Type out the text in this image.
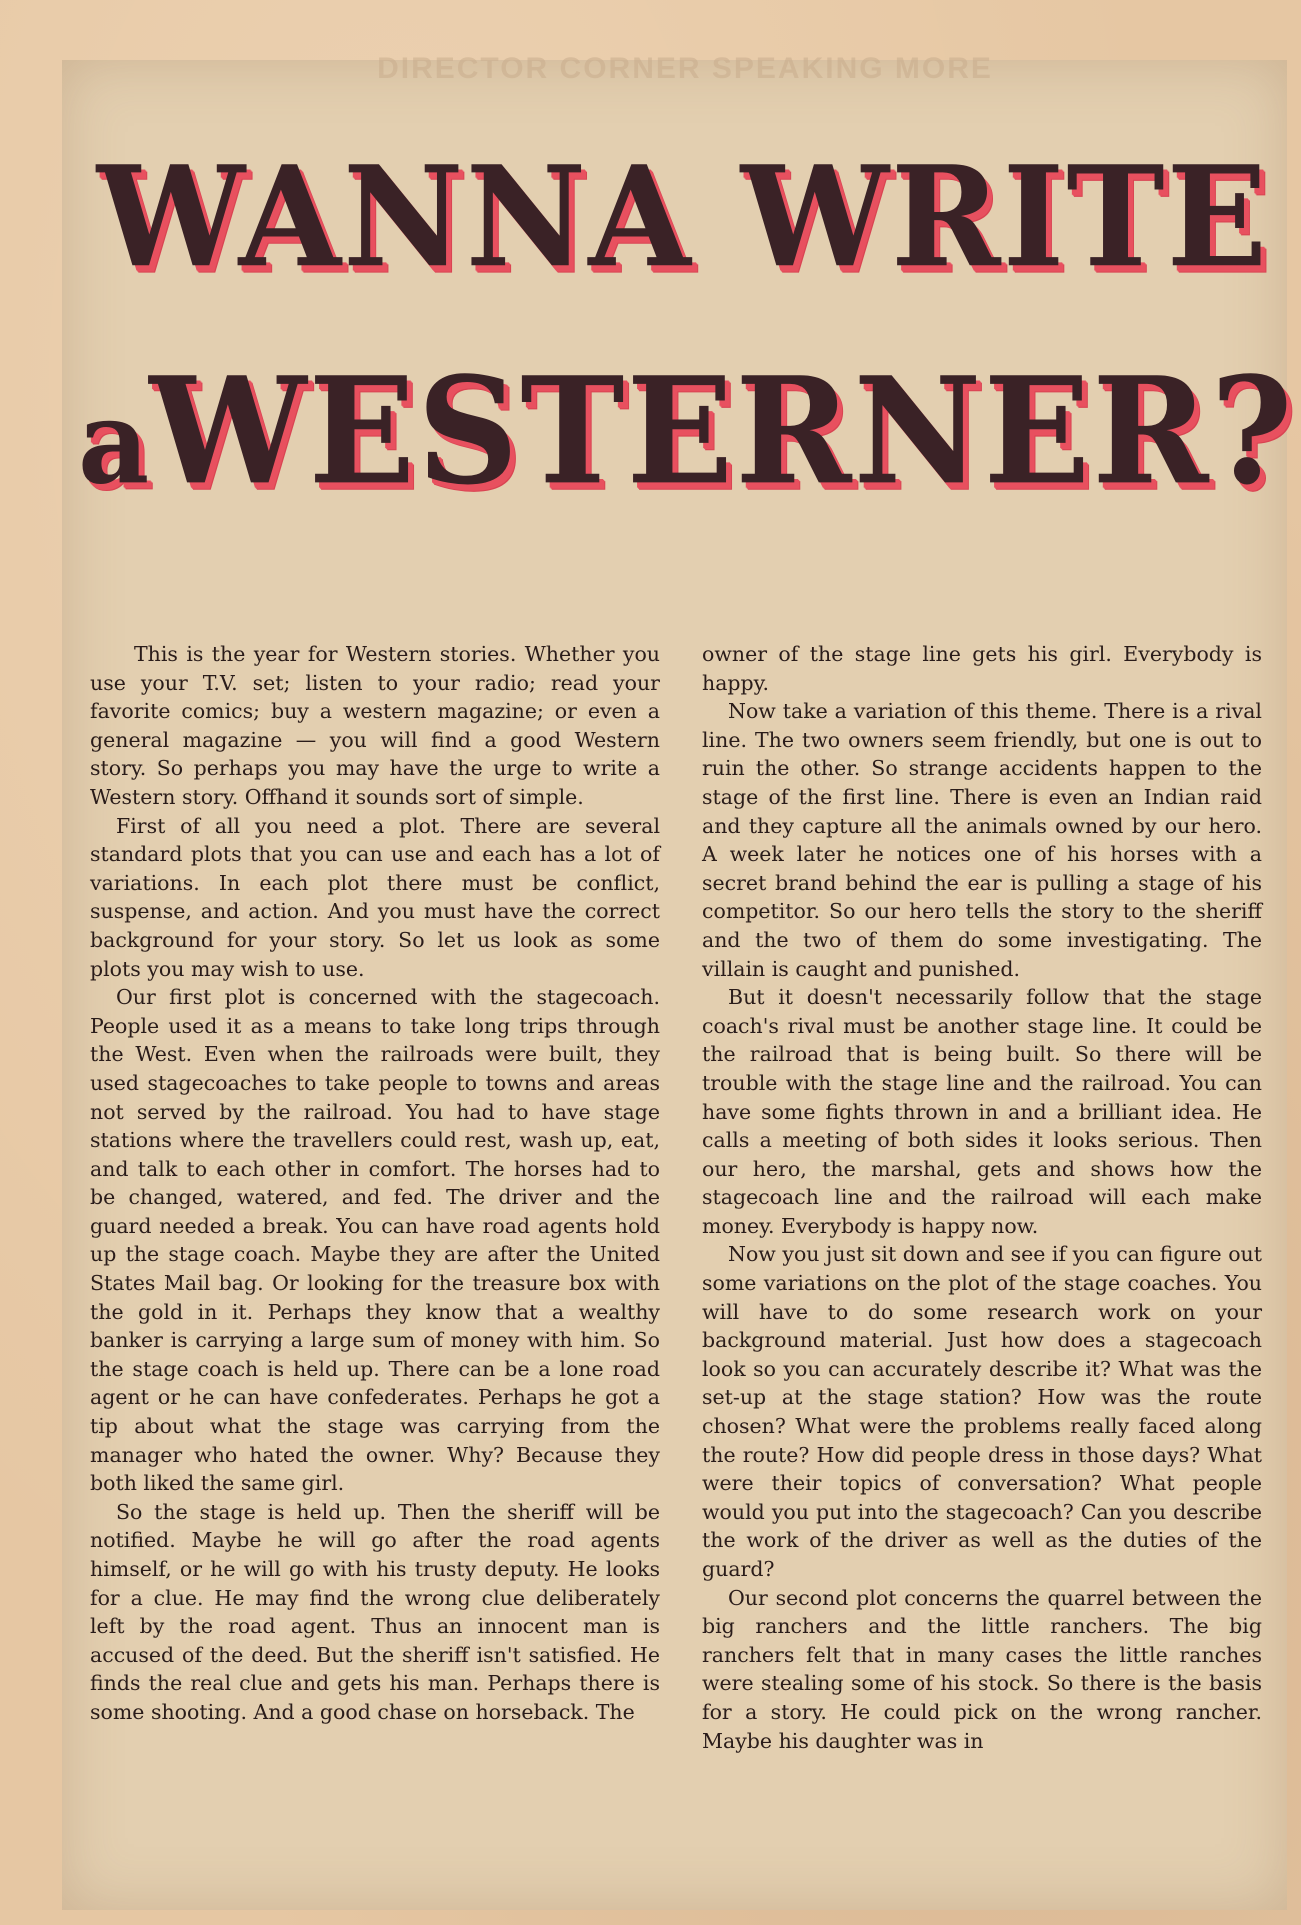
DIRECTOR CORNER SPEAKING MORE
WANNA WRITE
aWESTERNER?

This is the year for Western stories. Whether you use your T.V. set; listen to your radio; read your favorite comics; buy a western magazine; or even a general magazine — you will find a good Western story. So perhaps you may have the urge to write a Western story. Offhand it sounds sort of simple.

First of all you need a plot. There are several standard plots that you can use and each has a lot of variations. In each plot there must be conflict, suspense, and action. And you must have the correct background for your story. So let us look as some plots you may wish to use.

Our first plot is concerned with the stagecoach. People used it as a means to take long trips through the West. Even when the railroads were built, they used stagecoaches to take people to towns and areas not served by the railroad. You had to have stage stations where the travellers could rest, wash up, eat, and talk to each other in comfort. The horses had to be changed, watered, and fed. The driver and the guard needed a break. You can have road agents hold up the stage coach. Maybe they are after the United States Mail bag. Or looking for the treasure box with the gold in it. Perhaps they know that a wealthy banker is carrying a large sum of money with him. So the stage coach is held up. There can be a lone road agent or he can have confederates. Perhaps he got a tip about what the stage was carrying from the manager who hated the owner. Why? Because they both liked the same girl.

So the stage is held up. Then the sheriff will be notified. Maybe he will go after the road agents himself, or he will go with his trusty deputy. He looks for a clue. He may find the wrong clue deliberately left by the road agent. Thus an innocent man is accused of the deed. But the sheriff isn't satisfied. He finds the real clue and gets his man. Perhaps there is some shooting. And a good chase on horseback. The

owner of the stage line gets his girl. Everybody is happy.

Now take a variation of this theme. There is a rival line. The two owners seem friendly, but one is out to ruin the other. So strange accidents happen to the stage of the first line. There is even an Indian raid and they capture all the animals owned by our hero. A week later he notices one of his horses with a secret brand behind the ear is pulling a stage of his competitor. So our hero tells the story to the sheriff and the two of them do some investigating. The villain is caught and punished.

But it doesn't necessarily follow that the stage coach's rival must be another stage line. It could be the railroad that is being built. So there will be trouble with the stage line and the railroad. You can have some fights thrown in and a brilliant idea. He calls a meeting of both sides it looks serious. Then our hero, the marshal, gets and shows how the stagecoach line and the railroad will each make money. Everybody is happy now.

Now you just sit down and see if you can figure out some variations on the plot of the stage coaches. You will have to do some research work on your background material. Just how does a stagecoach look so you can accurately describe it? What was the set-up at the stage station? How was the route chosen? What were the problems really faced along the route? How did people dress in those days? What were their topics of conversation? What people would you put into the stagecoach? Can you describe the work of the driver as well as the duties of the guard?

Our second plot concerns the quarrel between the big ranchers and the little ranchers. The big ranchers felt that in many cases the little ranches were stealing some of his stock. So there is the basis for a story. He could pick on the wrong rancher. Maybe his daughter was in
